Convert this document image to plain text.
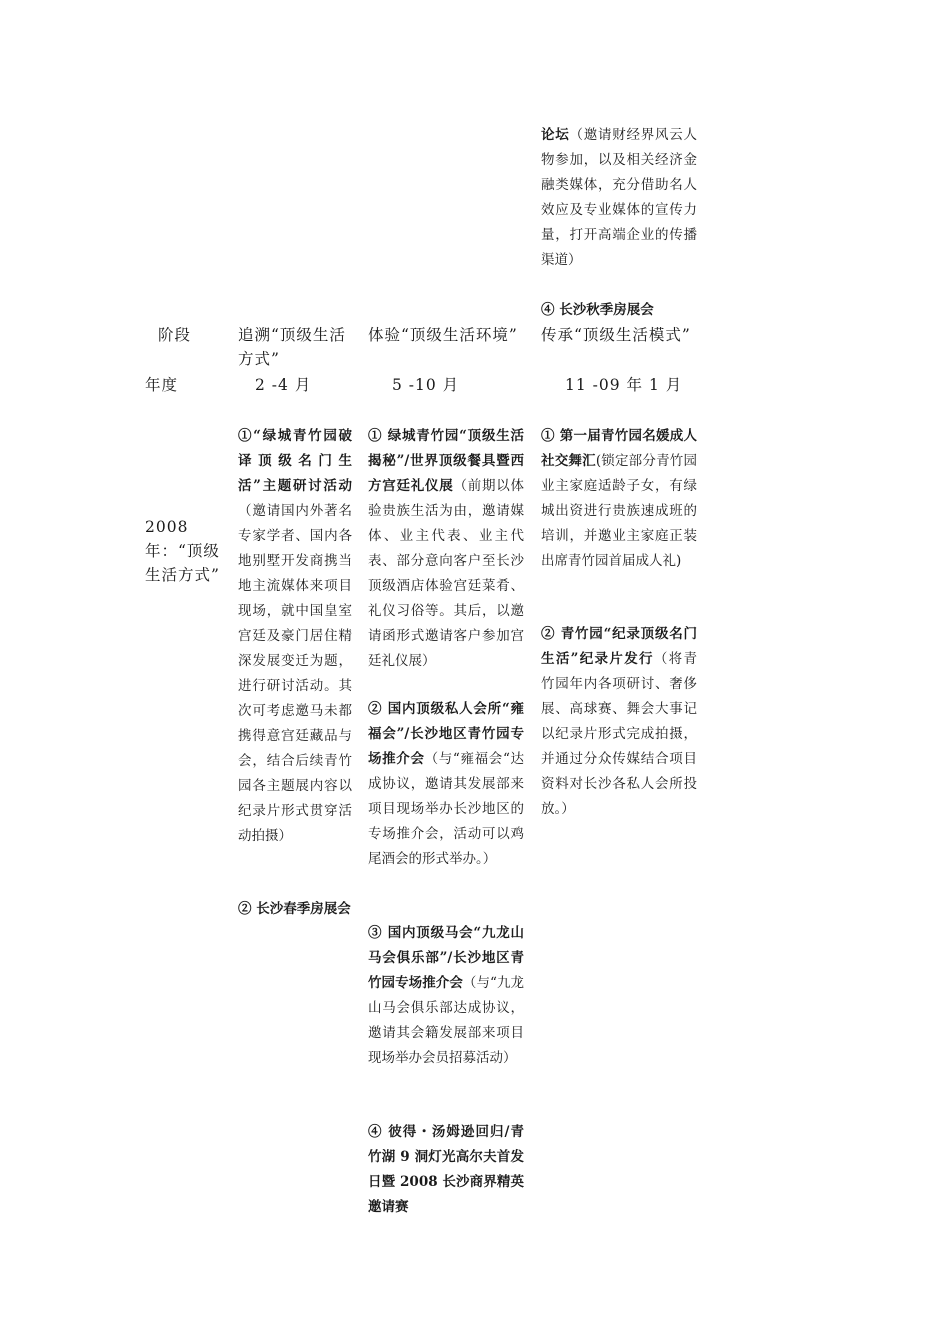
论坛（邀请财经界风云人物参加，以及相关经济金融类媒体，充分借助名人效应及专业媒体的宣传力量，打开高端企业的传播渠道）
④ 长沙秋季房展会
阶段
年度
追溯“顶级生活方式”
2 -4 月
体验“顶级生活环境”
5 -10 月
传承“顶级生活模式”
11 -09 年 1 月
2008 年：“顶级生活方式”
①“绿城青竹园破译顶级名门生活”主题研讨活动（邀请国内外著名专家学者、国内各地别墅开发商携当地主流媒体来项目现场，就中国皇室宫廷及豪门居住精深发展变迁为题，进行研讨活动。其次可考虑邀马未都携得意宫廷藏品与会，结合后续青竹园各主题展内容以纪录片形式贯穿活动拍摄）
② 长沙春季房展会
① 绿城青竹园“顶级生活揭秘”/世界顶级餐具暨西方宫廷礼仪展（前期以体验贵族生活为由，邀请媒体、业主代表、业主代表、部分意向客户至长沙顶级酒店体验宫廷菜肴、礼仪习俗等。其后，以邀请函形式邀请客户参加宫廷礼仪展）
② 国内顶级私人会所“雍福会”/长沙地区青竹园专场推介会（与“雍福会“达成协议，邀请其发展部来项目现场举办长沙地区的专场推介会，活动可以鸡尾酒会的形式举办。）
③ 国内顶级马会“九龙山马会俱乐部”/长沙地区青竹园专场推介会（与“九龙山马会俱乐部达成协议，邀请其会籍发展部来项目现场举办会员招募活动）
④ 彼得・汤姆逊回归/青竹湖 9 洞灯光高尔夫首发日暨 2008 长沙商界精英邀请赛
① 第一届青竹园名媛成人社交舞汇(锁定部分青竹园业主家庭适龄子女，有绿城出资进行贵族速成班的培训，并邀业主家庭正装出席青竹园首届成人礼)
② 青竹园“纪录顶级名门生活”纪录片发行（将青竹园年内各项研讨、奢侈展、高球赛、舞会大事记以纪录片形式完成拍摄，并通过分众传媒结合项目资料对长沙各私人会所投放。）
